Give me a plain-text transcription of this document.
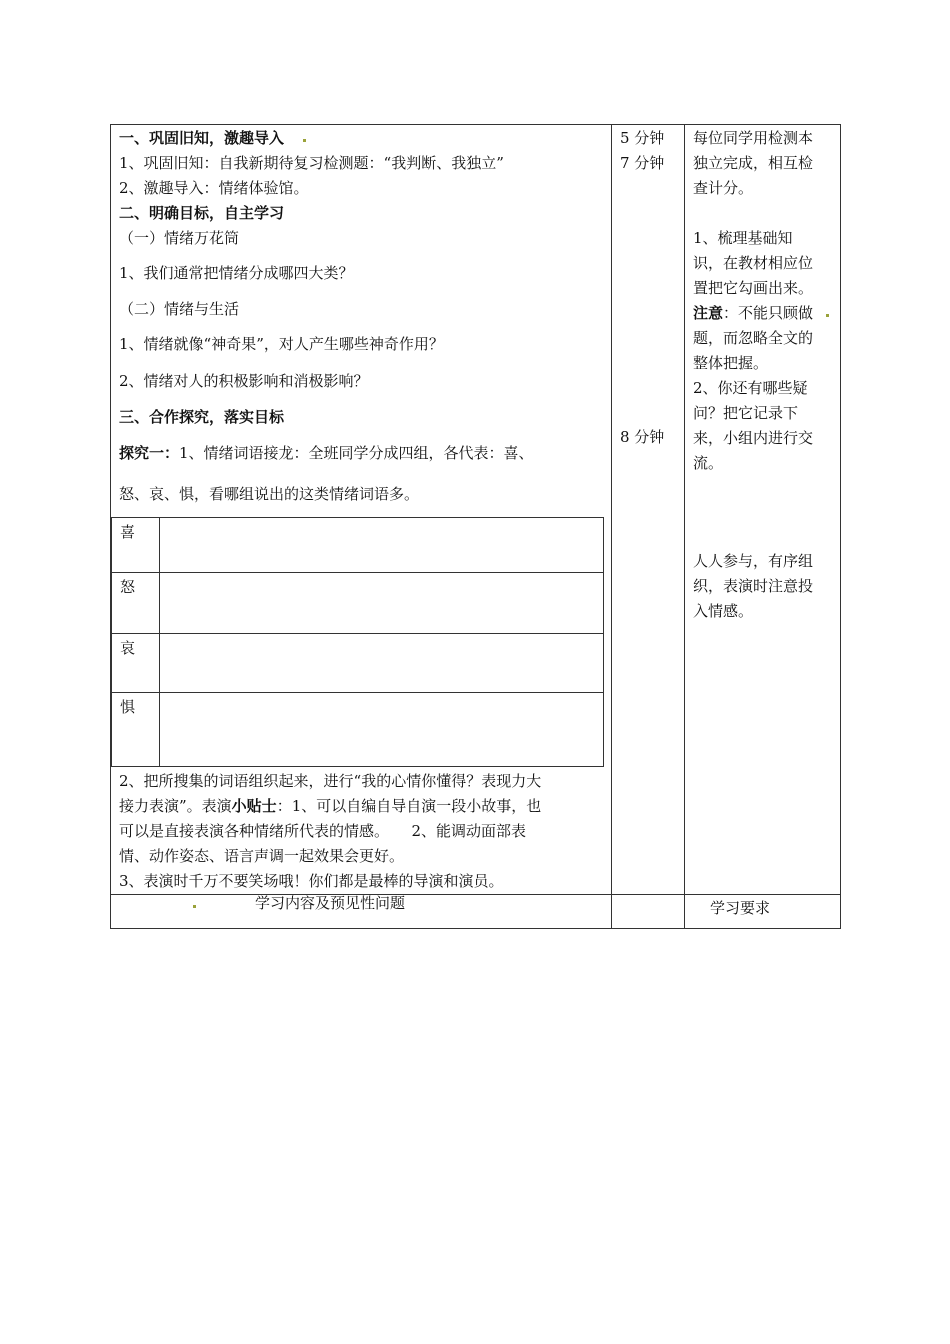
一、巩固旧知，激趣导入
1、巩固旧知：自我新期待复习检测题：“我判断、我独立”
2、激趣导入：情绪体验馆。
二、明确目标，自主学习
（一）情绪万花筒
1、我们通常把情绪分成哪四大类？
（二）情绪与生活
1、情绪就像“神奇果”，对人产生哪些神奇作用？
2、情绪对人的积极影响和消极影响？
三、合作探究，落实目标
探究一：1、情绪词语接龙：全班同学分成四组，各代表：喜、
怒、哀、惧，看哪组说出的这类情绪词语多。
喜
怒
哀
惧
2、把所搜集的词语组织起来，进行“我的心情你懂得？表现力大
接力表演”。表演小贴士：1、可以自编自导自演一段小故事，也
可以是直接表演各种情绪所代表的情感。　　2、能调动面部表
情、动作姿态、语言声调一起效果会更好。
3、表演时千万不要笑场哦！你们都是最棒的导演和演员。
5 分钟
7 分钟
8 分钟
每位同学用检测本
独立完成，相互检
查计分。
1、梳理基础知
识，在教材相应位
置把它勾画出来。
注意：不能只顾做
题，而忽略全文的
整体把握。
2、你还有哪些疑
问？把它记录下
来，小组内进行交
流。
人人参与，有序组
织，表演时注意投
入情感。
学习内容及预见性问题	学习要求
